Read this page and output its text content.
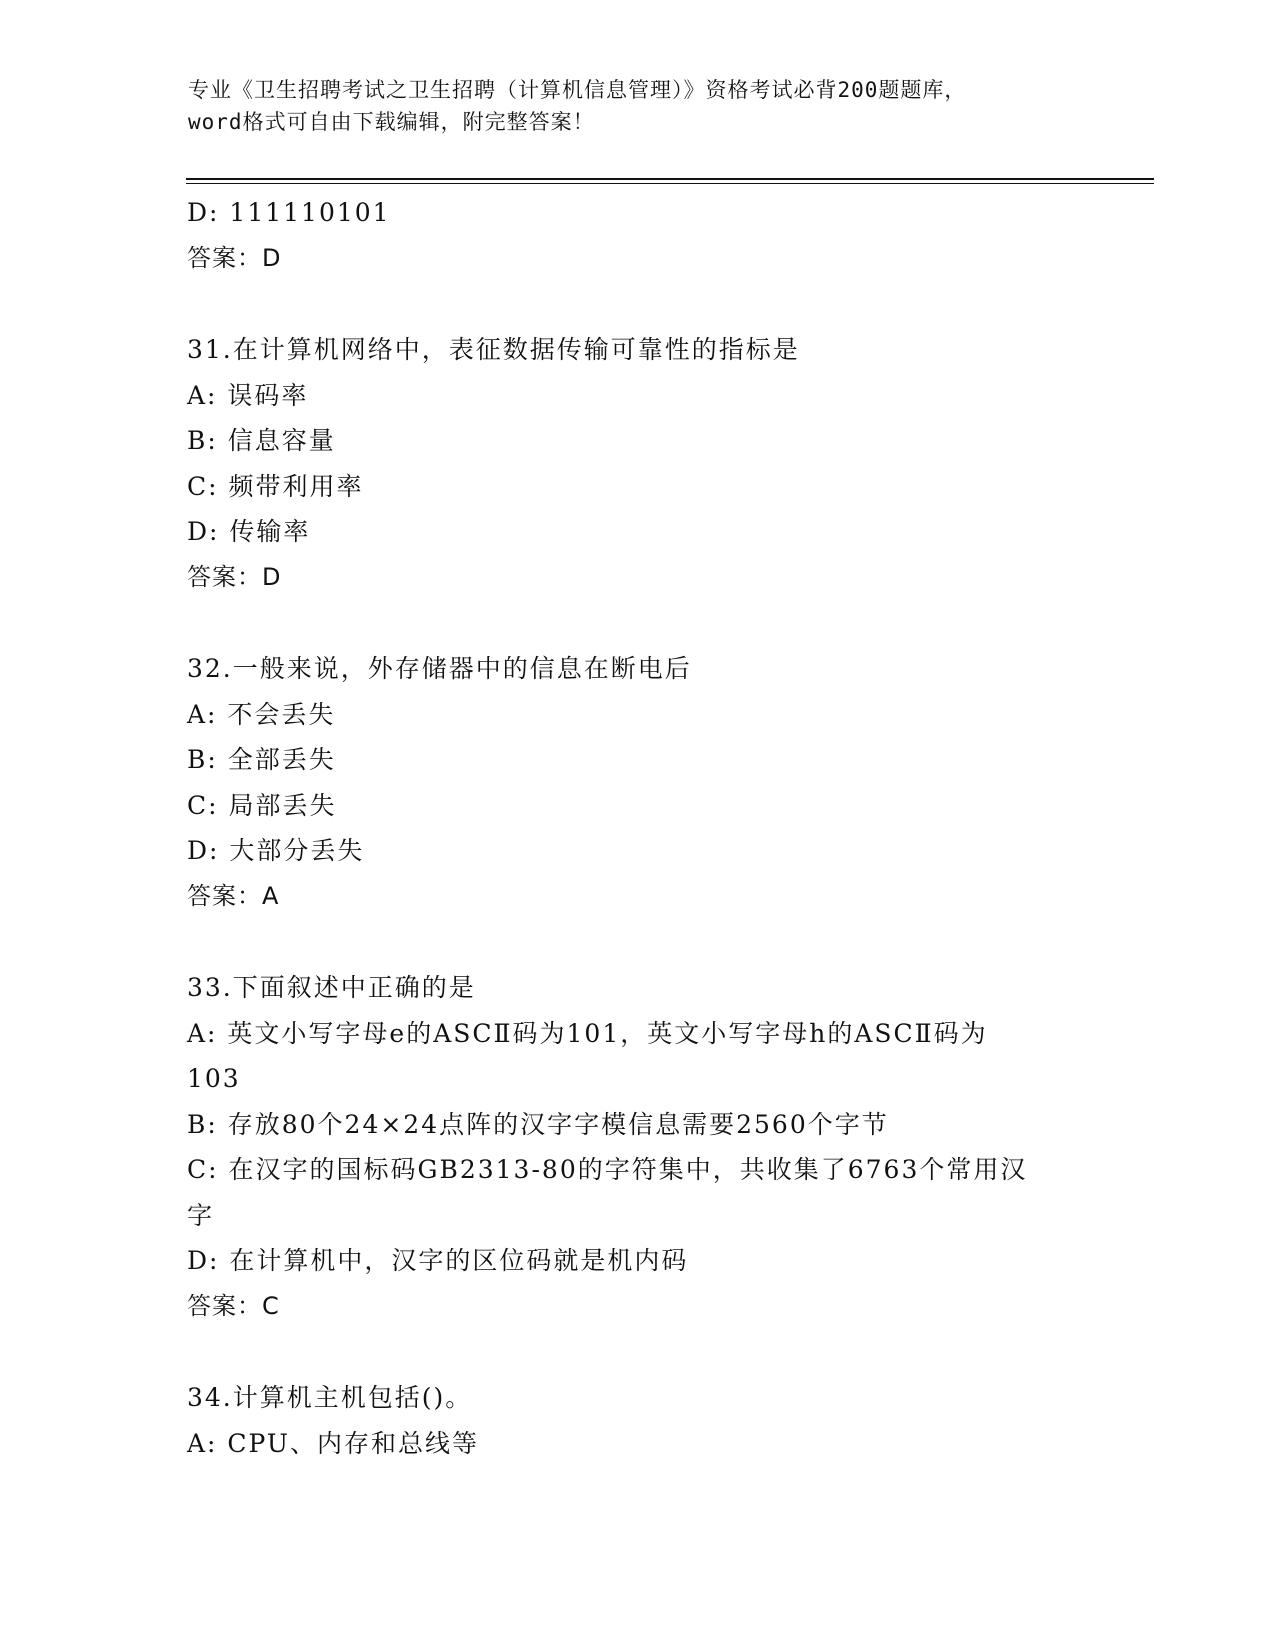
专业《卫生招聘考试之卫生招聘（计算机信息管理）》资格考试必背200题题库，
word格式可自由下载编辑，附完整答案！
D: 111110101
答案：D
31.在计算机网络中，表征数据传输可靠性的指标是
A: 误码率
B: 信息容量
C: 频带利用率
D: 传输率
答案：D
32.一般来说，外存储器中的信息在断电后
A: 不会丢失
B: 全部丢失
C: 局部丢失
D: 大部分丢失
答案：A
33.下面叙述中正确的是
A: 英文小写字母e的ASCⅡ码为101，英文小写字母h的ASCⅡ码为
103
B: 存放80个24×24点阵的汉字字模信息需要2560个字节
C: 在汉字的国标码GB2313-80的字符集中，共收集了6763个常用汉
字
D: 在计算机中，汉字的区位码就是机内码
答案：C
34.计算机主机包括()。
A: CPU、内存和总线等
